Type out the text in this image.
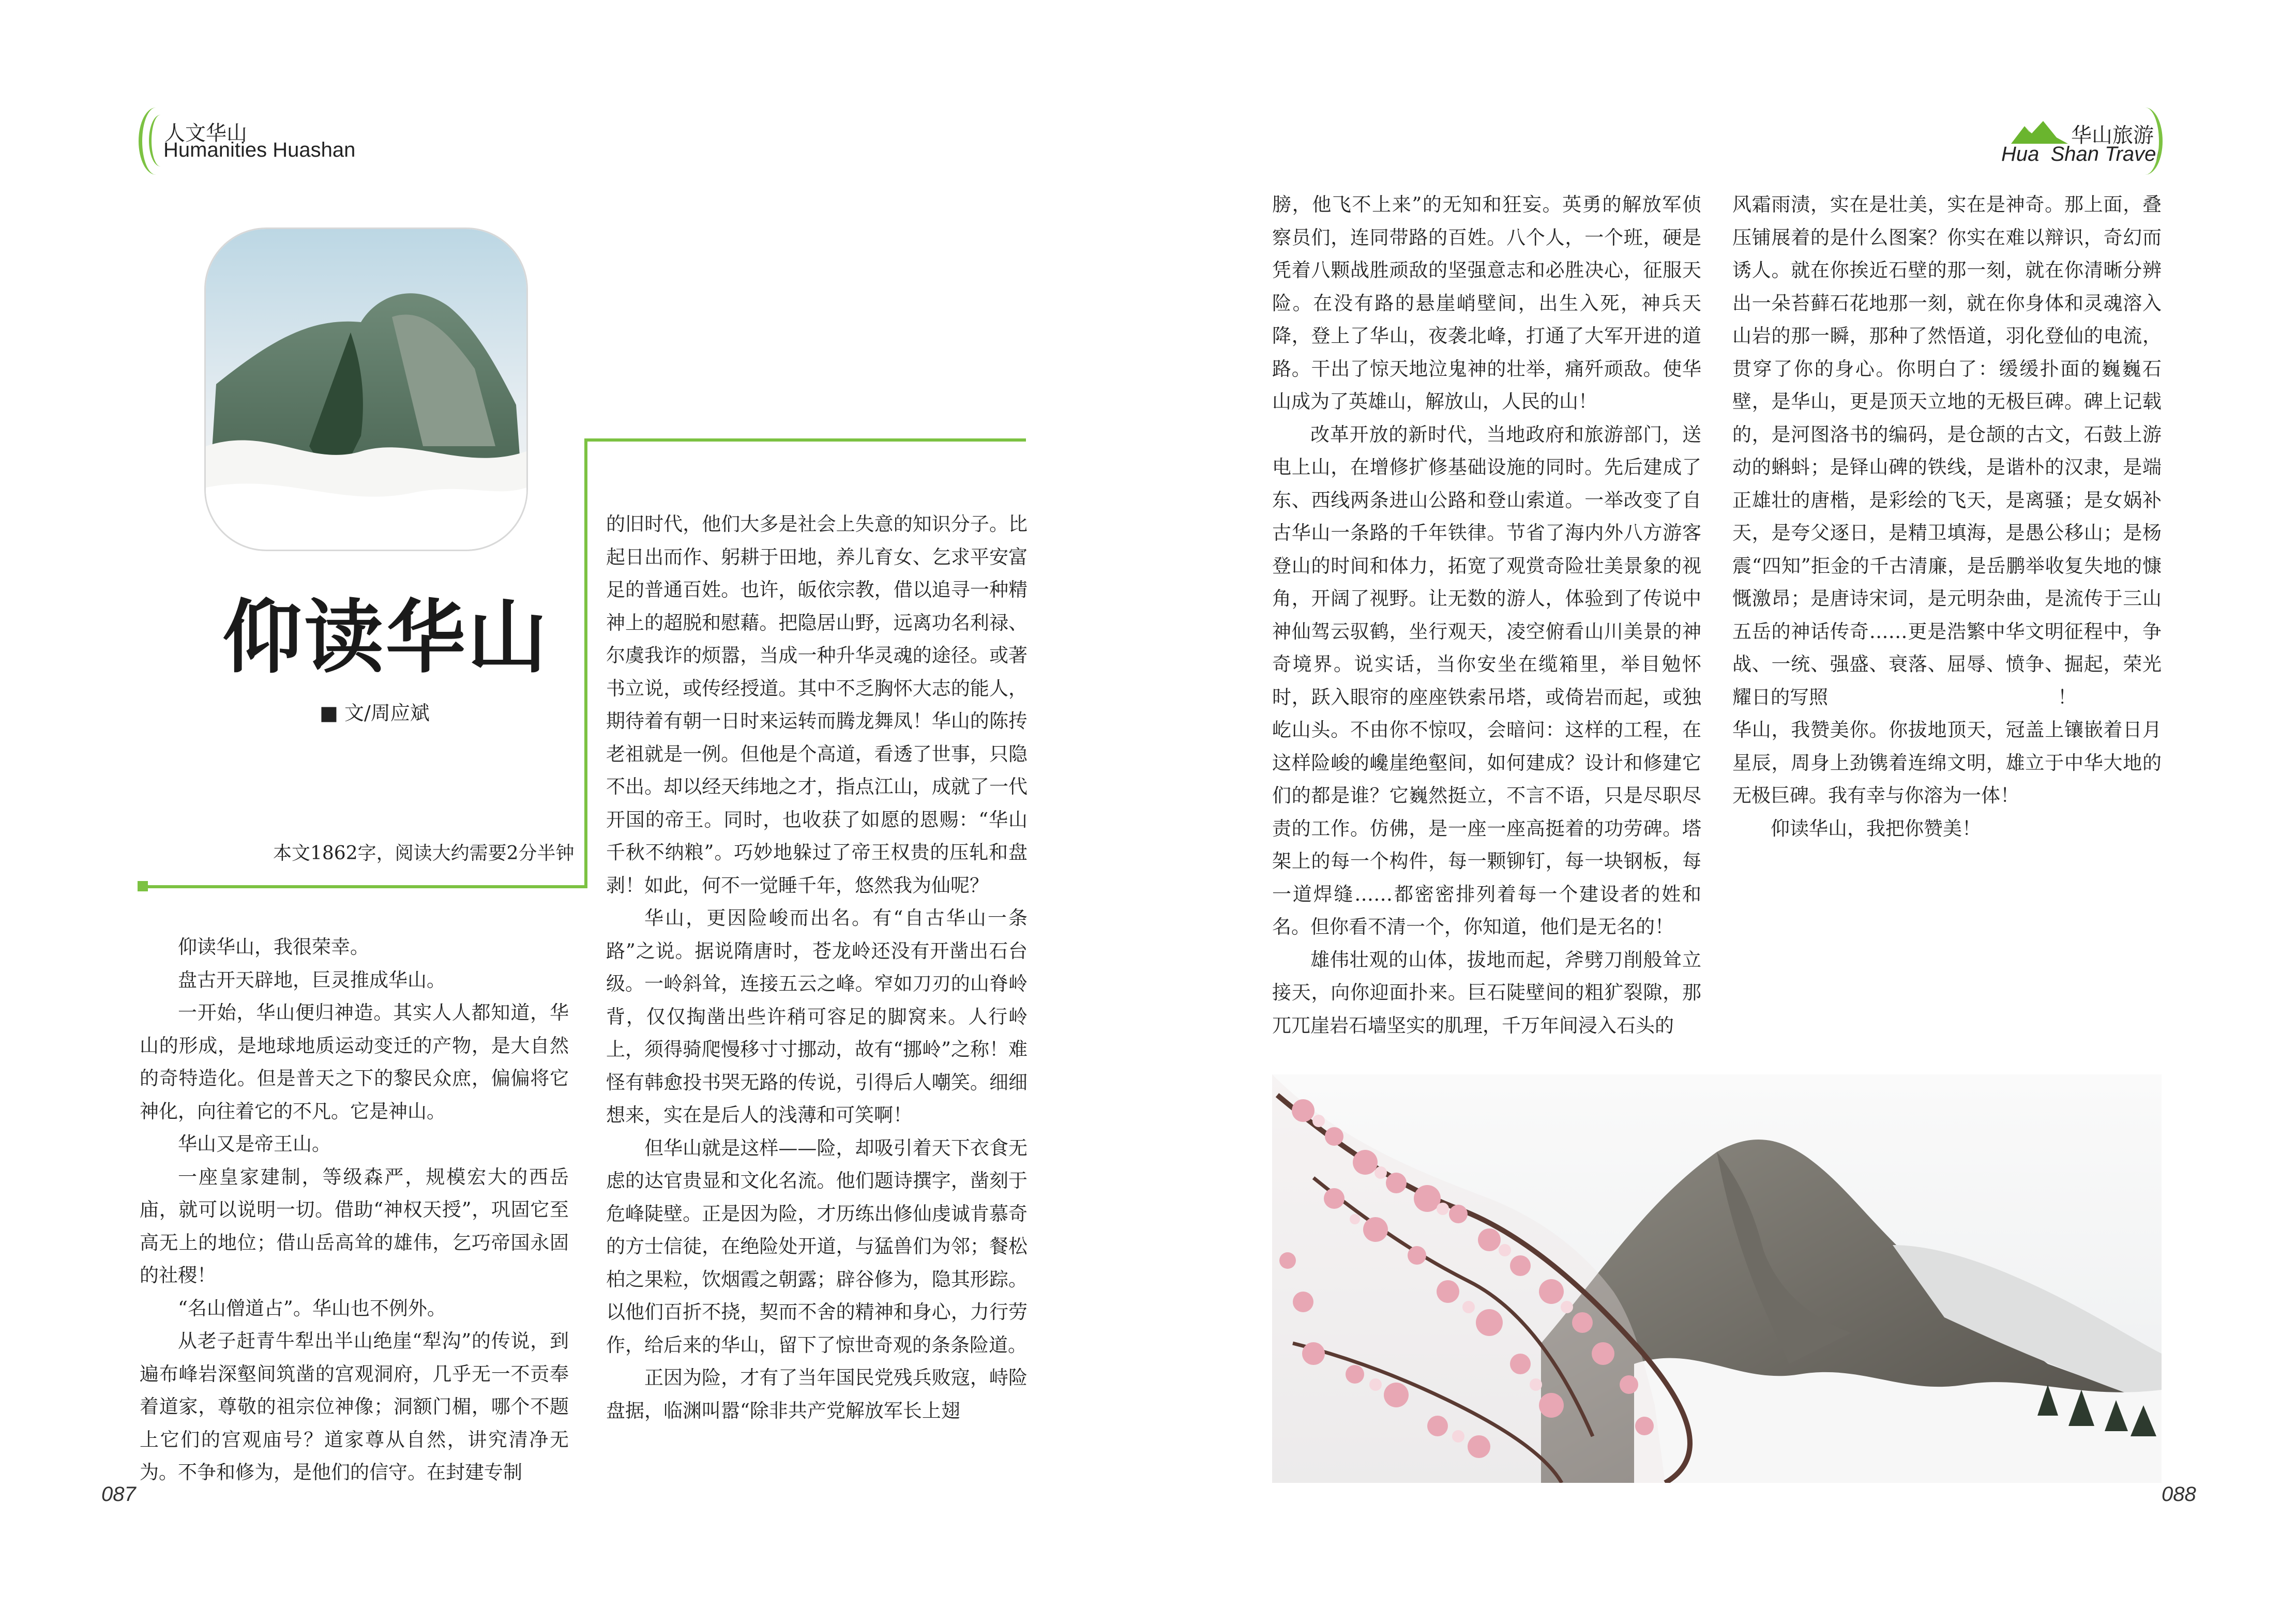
人文华山
Humanities Huashan
华山旅游
Hua  Shan Travel
仰读华山
■ 文/周应斌
本文1862字，阅读大约需要2分半钟

仰读华山，我很荣幸。

盘古开天辟地，巨灵推成华山。

一开始，华山便归神造。其实人人都知道，华山的形成，是地球地质运动变迁的产物，是大自然的奇特造化。但是普天之下的黎民众庶，偏偏将它神化，向往着它的不凡。它是神山。

华山又是帝王山。

一座皇家建制，等级森严，规模宏大的西岳庙，就可以说明一切。借助“神权天授”，巩固它至高无上的地位；借山岳高耸的雄伟，乞巧帝国永固的社稷！

“名山僧道占”。华山也不例外。

从老子赶青牛犁出半山绝崖“犁沟”的传说，到遍布峰岩深壑间筑凿的宫观洞府，几乎无一不贡奉着道家，尊敬的祖宗位神像；洞额门楣，哪个不题上它们的宫观庙号？道家尊从自然，讲究清净无为。不争和修为，是他们的信守。在封建专制

的旧时代，他们大多是社会上失意的知识分子。比起日出而作、躬耕于田地，养儿育女、乞求平安富足的普通百姓。也许，皈依宗教，借以追寻一种精神上的超脱和慰藉。把隐居山野，远离功名利禄、尔虞我诈的烦嚣，当成一种升华灵魂的途径。或著书立说，或传经授道。其中不乏胸怀大志的能人，期待着有朝一日时来运转而腾龙舞凤！华山的陈抟老祖就是一例。但他是个高道，看透了世事，只隐不出。却以经天纬地之才，指点江山，成就了一代开国的帝王。同时，也收获了如愿的恩赐：“华山千秋不纳粮”。巧妙地躲过了帝王权贵的压轧和盘剥！如此，何不一觉睡千年，悠然我为仙呢？

华山，更因险峻而出名。有“自古华山一条路”之说。据说隋唐时，苍龙岭还没有开凿出石台级。一岭斜耸，连接五云之峰。窄如刀刃的山脊岭背，仅仅掏凿出些许稍可容足的脚窝来。人行岭上，须得骑爬慢移寸寸挪动，故有“挪岭”之称！难怪有韩愈投书哭无路的传说，引得后人嘲笑。细细想来，实在是后人的浅薄和可笑啊！

但华山就是这样——险，却吸引着天下衣食无虑的达官贵显和文化名流。他们题诗撰字，凿刻于危峰陡壁。正是因为险，才历练出修仙虔诚肯慕奇的方士信徒，在绝险处开道，与猛兽们为邻；餐松柏之果粒，饮烟霞之朝露；辟谷修为，隐其形踪。以他们百折不挠，契而不舍的精神和身心，力行劳作，给后来的华山，留下了惊世奇观的条条险道。

正因为险，才有了当年国民党残兵败寇，峙险盘据，临渊叫嚣“除非共产党解放军长上翅

膀，他飞不上来”的无知和狂妄。英勇的解放军侦察员们，连同带路的百姓。八个人，一个班，硬是凭着八颗战胜顽敌的坚强意志和必胜决心，征服天险。在没有路的悬崖峭壁间，出生入死，神兵天降，登上了华山，夜袭北峰，打通了大军开进的道路。干出了惊天地泣鬼神的壮举，痛歼顽敌。使华山成为了英雄山，解放山，人民的山！

改革开放的新时代，当地政府和旅游部门，送电上山，在增修扩修基础设施的同时。先后建成了东、西线两条进山公路和登山索道。一举改变了自古华山一条路的千年铁律。节省了海内外八方游客登山的时间和体力，拓宽了观赏奇险壮美景象的视角，开阔了视野。让无数的游人，体验到了传说中神仙驾云驭鹤，坐行观天，凌空俯看山川美景的神奇境界。说实话，当你安坐在缆箱里，举目勉怀时，跃入眼帘的座座铁索吊塔，或倚岩而起，或独屹山头。不由你不惊叹，会暗问：这样的工程，在这样险峻的巉崖绝壑间，如何建成？设计和修建它们的都是谁？它巍然挺立，不言不语，只是尽职尽责的工作。仿佛，是一座一座高挺着的功劳碑。塔架上的每一个构件，每一颗铆钉，每一块钢板，每一道焊缝……都密密排列着每一个建设者的姓和名。但你看不清一个，你知道，他们是无名的！

雄伟壮观的山体，拔地而起，斧劈刀削般耸立接天，向你迎面扑来。巨石陡壁间的粗犷裂隙，那兀兀崖岩石墙坚实的肌理，千万年间浸入石头的

风霜雨渍，实在是壮美，实在是神奇。那上面，叠压铺展着的是什么图案？你实在难以辩识，奇幻而诱人。就在你挨近石壁的那一刻，就在你清晰分辨出一朵苔藓石花地那一刻，就在你身体和灵魂溶入山岩的那一瞬，那种了然悟道，羽化登仙的电流，贯穿了你的身心。你明白了：缓缓扑面的巍巍石壁，是华山，更是顶天立地的无极巨碑。碑上记载的，是河图洛书的编码，是仓颉的古文，石鼓上游动的蝌蚪；是铎山碑的铁线，是谐朴的汉隶，是端正雄壮的唐楷，是彩绘的飞天，是离骚；是女娲补天，是夸父逐日，是精卫填海，是愚公移山；是杨震“四知”拒金的千古清廉，是岳鹏举收复失地的慷慨激昂；是唐诗宋词，是元明杂曲，是流传于三山五岳的神话传奇……更是浩繁中华文明征程中，争战、一统、强盛、衰落、屈辱、愤争、掘起，荣光耀日的写照　　　　　　　　　　　　！

华山，我赞美你。你拔地顶天，冠盖上镶嵌着日月星辰，周身上劲镌着连绵文明，雄立于中华大地的无极巨碑。我有幸与你溶为一体！

仰读华山，我把你赞美！

087	088
